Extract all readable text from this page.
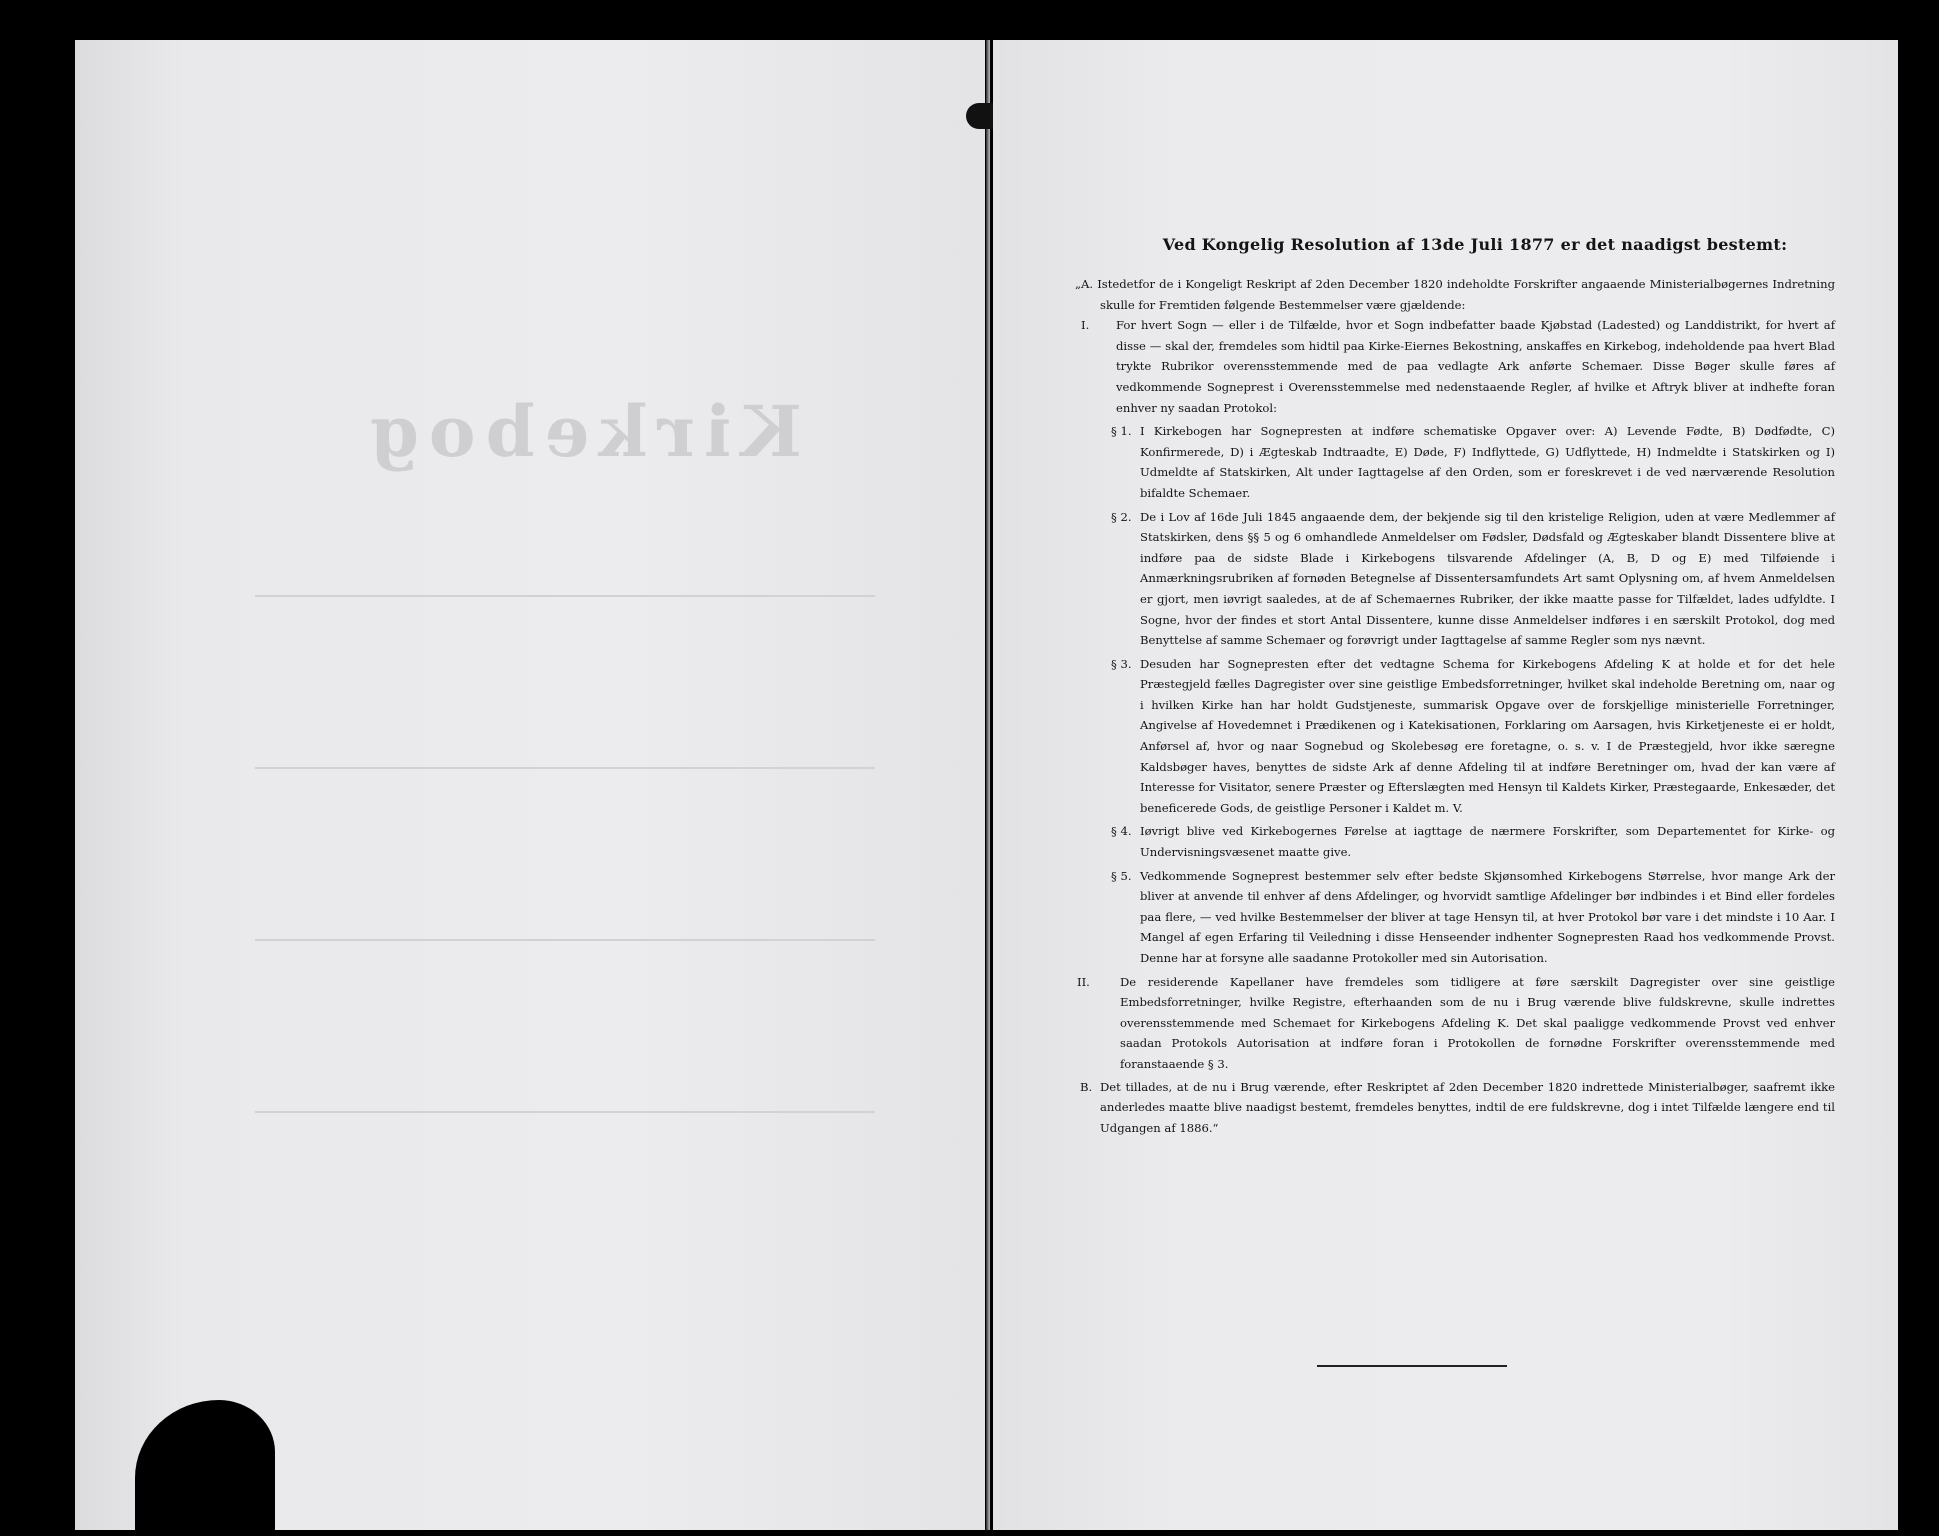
Kirkebog

Ved Kongelig Resolution af 13de Juli 1877 er det naadigst bestemt:

„A. Istedetfor de i Kongeligt Reskript af 2den December 1820 indeholdte Forskrifter angaaende Ministerialbøgernes Indretning skulle for Fremtiden følgende Bestemmelser være gjældende:

I.	For hvert Sogn — eller i de Tilfælde, hvor et Sogn indbefatter baade Kjøbstad (Ladested) og Landdistrikt, for hvert af disse — skal der, fremdeles som hidtil paa Kirke-Eiernes Bekostning, anskaffes en Kirkebog, indeholdende paa hvert Blad trykte Rubrikor overensstemmende med de paa vedlagte Ark anførte Schemaer. Disse Bøger skulle føres af vedkommende Sogneprest i Overensstemmelse med nedenstaaende Regler, af hvilke et Aftryk bliver at indhefte foran enhver ny saadan Protokol:

§ 1. I Kirkebogen har Sognepresten at indføre schematiske Opgaver over: A) Levende Fødte, B) Dødfødte, C) Konfirmerede, D) i Ægteskab Indtraadte, E) Døde, F) Indflyttede, G) Udflyttede, H) Indmeldte i Statskirken og I) Udmeldte af Statskirken, Alt under Iagttagelse af den Orden, som er foreskrevet i de ved nærværende Resolution bifaldte Schemaer.
§ 2. De i Lov af 16de Juli 1845 angaaende dem, der bekjende sig til den kristelige Religion, uden at være Medlemmer af Statskirken, dens §§ 5 og 6 omhandlede Anmeldelser om Fødsler, Dødsfald og Ægteskaber blandt Dissentere blive at indføre paa de sidste Blade i Kirkebogens tilsvarende Afdelinger (A, B, D og E) med Tilføiende i Anmærkningsrubriken af fornøden Betegnelse af Dissentersamfundets Art samt Oplysning om, af hvem Anmeldelsen er gjort, men iøvrigt saaledes, at de af Schemaernes Rubriker, der ikke maatte passe for Tilfældet, lades udfyldte. I Sogne, hvor der findes et stort Antal Dissentere, kunne disse Anmeldelser indføres i en særskilt Protokol, dog med Benyttelse af samme Schemaer og forøvrigt under Iagttagelse af samme Regler som nys nævnt.
§ 3. Desuden har Sognepresten efter det vedtagne Schema for Kirkebogens Afdeling K at holde et for det hele Præstegjeld fælles Dagregister over sine geistlige Embedsforretninger, hvilket skal indeholde Beretning om, naar og i hvilken Kirke han har holdt Gudstjeneste, summarisk Opgave over de forskjellige ministerielle Forretninger, Angivelse af Hovedemnet i Prædikenen og i Katekisationen, Forklaring om Aarsagen, hvis Kirketjeneste ei er holdt, Anførsel af, hvor og naar Sognebud og Skolebesøg ere foretagne, o. s. v. I de Præstegjeld, hvor ikke særegne Kaldsbøger haves, benyttes de sidste Ark af denne Afdeling til at indføre Beretninger om, hvad der kan være af Interesse for Visitator, senere Præster og Efterslægten med Hensyn til Kaldets Kirker, Præstegaarde, Enkesæder, det beneficerede Gods, de geistlige Personer i Kaldet m. V.
§ 4. Iøvrigt blive ved Kirkebogernes Førelse at iagttage de nærmere Forskrifter, som Departementet for Kirke- og Undervisningsvæsenet maatte give.
§ 5. Vedkommende Sogneprest bestemmer selv efter bedste Skjønsomhed Kirkebogens Størrelse, hvor mange Ark der bliver at anvende til enhver af dens Afdelinger, og hvorvidt samtlige Afdelinger bør indbindes i et Bind eller fordeles paa flere, — ved hvilke Bestemmelser der bliver at tage Hensyn til, at hver Protokol bør vare i det mindste i 10 Aar. I Mangel af egen Erfaring til Veiledning i disse Henseender indhenter Sognepresten Raad hos vedkommende Provst. Denne har at forsyne alle saadanne Protokoller med sin Autorisation.
II.	De residerende Kapellaner have fremdeles som tidligere at føre særskilt Dagregister over sine geistlige Embedsforretninger, hvilke Registre, efterhaanden som de nu i Brug værende blive fuldskrevne, skulle indrettes overensstemmende med Schemaet for Kirkebogens Afdeling K. Det skal paaligge vedkommende Provst ved enhver saadan Protokols Autorisation at indføre foran i Protokollen de fornødne Forskrifter overensstemmende med foranstaaende § 3.

B. Det tillades, at de nu i Brug værende, efter Reskriptet af 2den December 1820 indrettede Ministerialbøger, saafremt ikke anderledes maatte blive naadigst bestemt, fremdeles benyttes, indtil de ere fuldskrevne, dog i intet Tilfælde længere end til Udgangen af 1886.“
